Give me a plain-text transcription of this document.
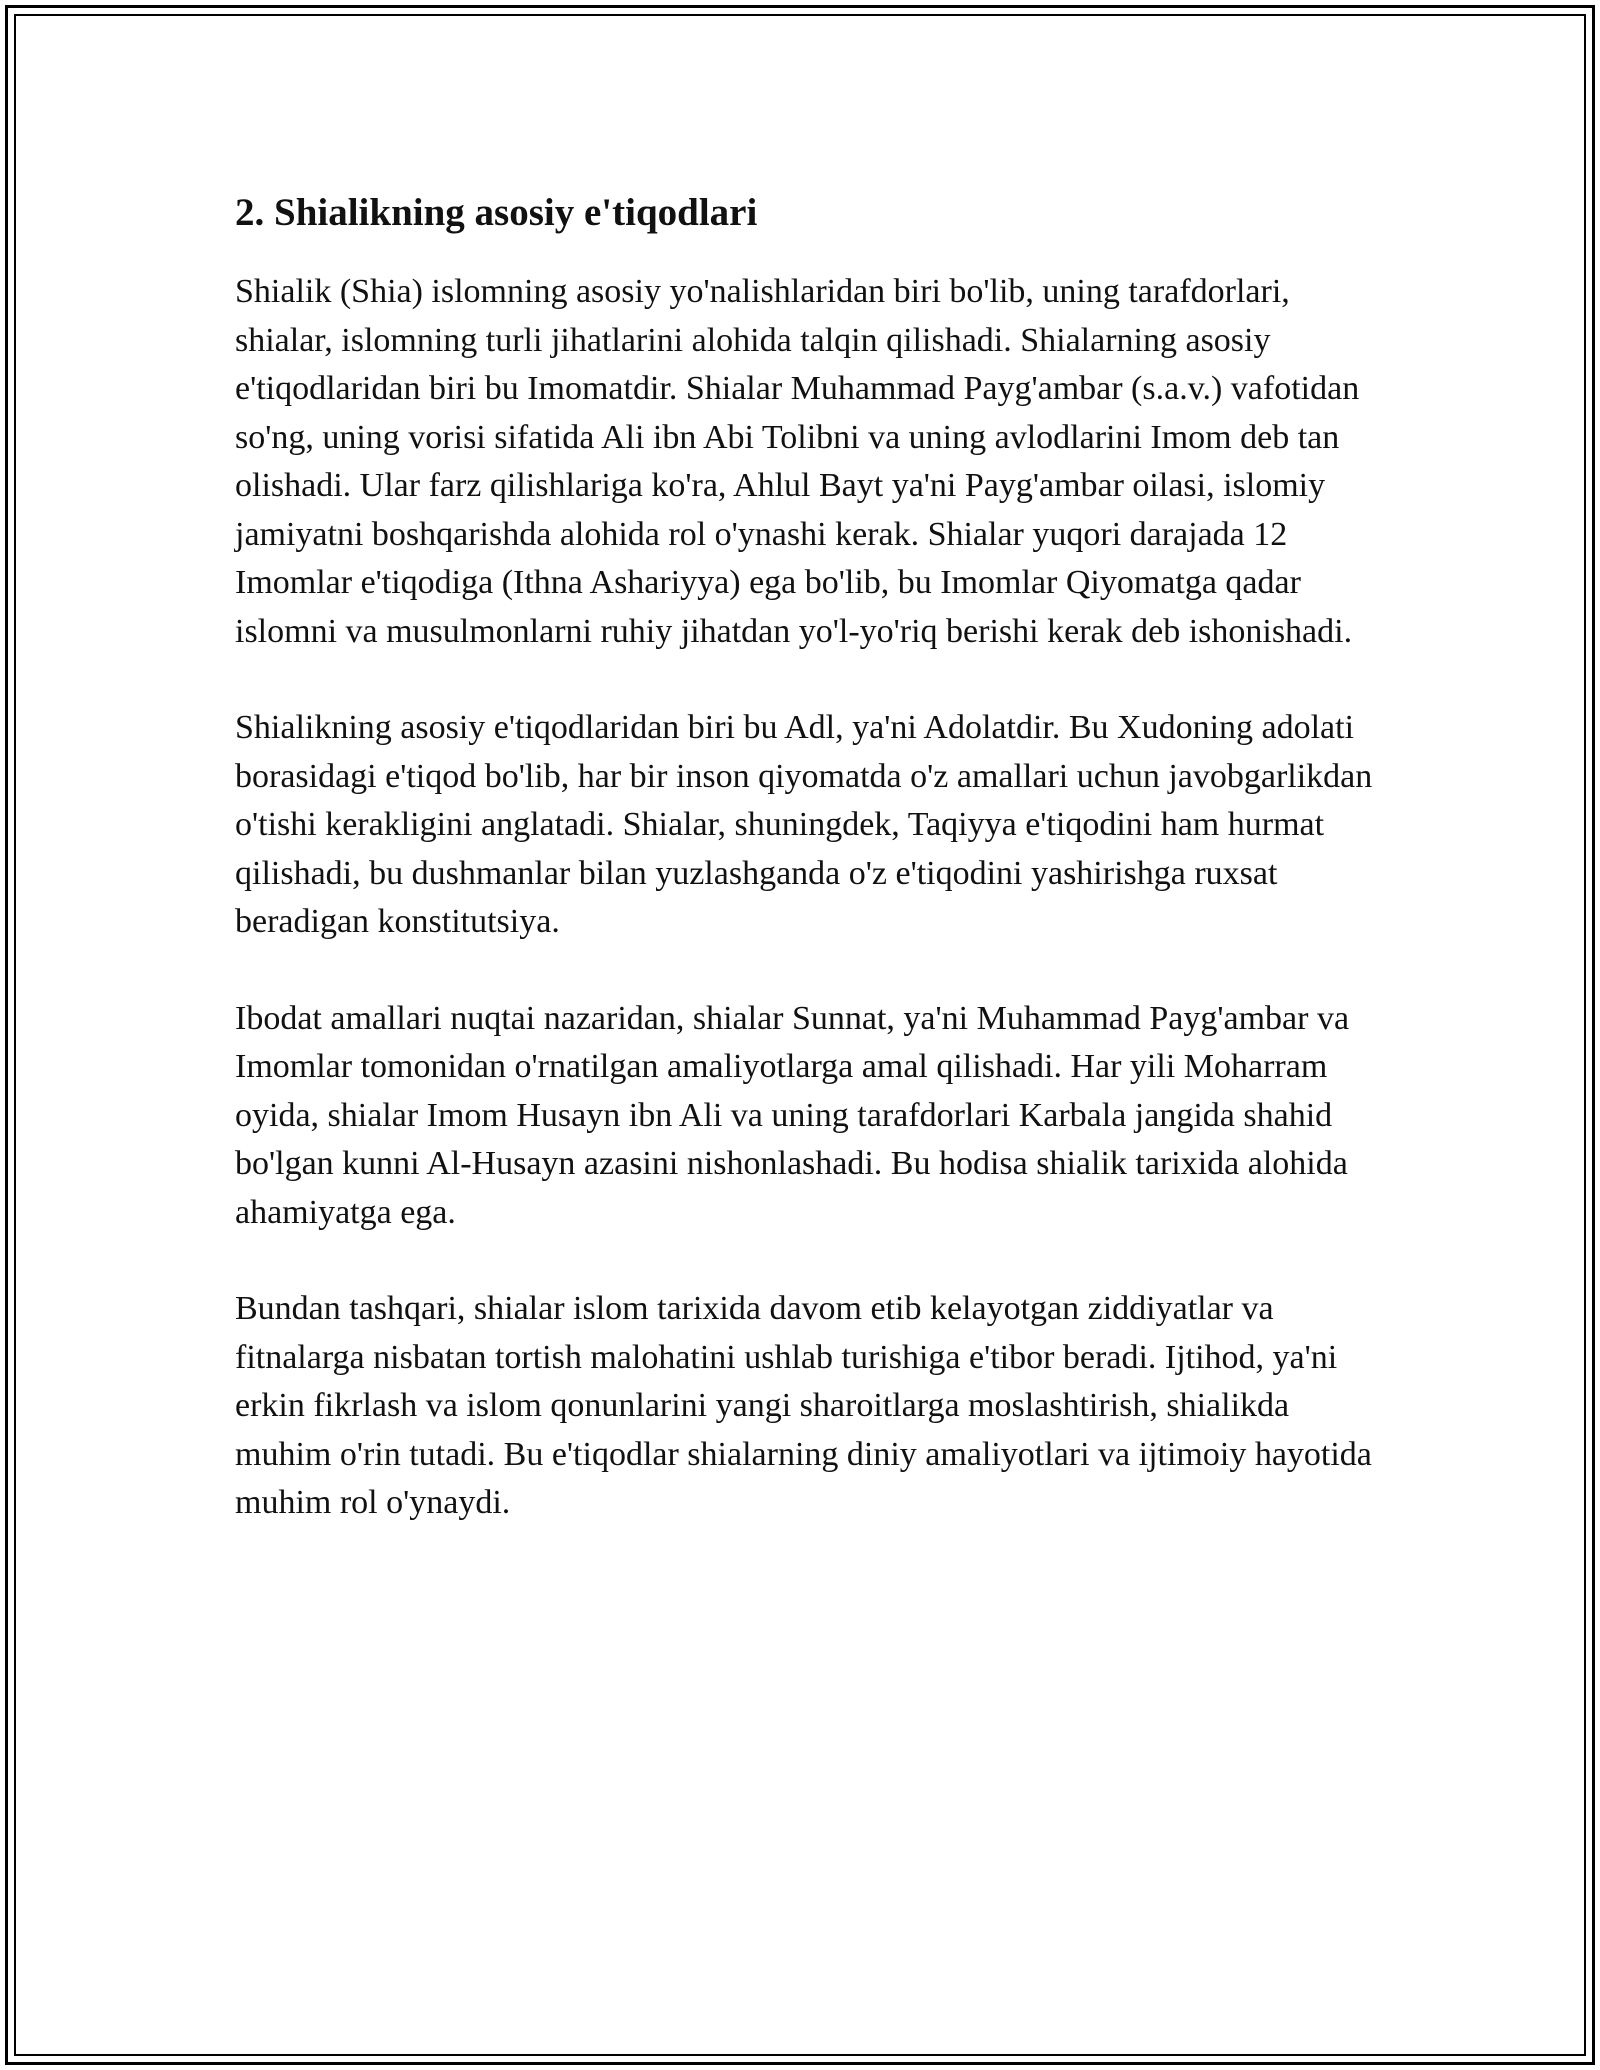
2. Shialikning asosiy e'tiqodlari

Shialik (Shia) islomning asosiy yo'nalishlaridan biri bo'lib, uning tarafdorlari, shialar, islomning turli jihatlarini alohida talqin qilishadi. Shialarning asosiy e'tiqodlaridan biri bu Imomatdir. Shialar Muhammad Payg'ambar (s.a.v.) vafotidan so'ng, uning vorisi sifatida Ali ibn Abi Tolibni va uning avlodlarini Imom deb tan olishadi. Ular farz qilishlariga ko'ra, Ahlul Bayt ya'ni Payg'ambar oilasi, islomiy jamiyatni boshqarishda alohida rol o'ynashi kerak. Shialar yuqori darajada 12 Imomlar e'tiqodiga (Ithna Ashariyya) ega bo'lib, bu Imomlar Qiyomatga qadar islomni va musulmonlarni ruhiy jihatdan yo'l-yo'riq berishi kerak deb ishonishadi.

Shialikning asosiy e'tiqodlaridan biri bu Adl, ya'ni Adolatdir. Bu Xudoning adolati borasidagi e'tiqod bo'lib, har bir inson qiyomatda o'z amallari uchun javobgarlikdan o'tishi kerakligini anglatadi. Shialar, shuningdek, Taqiyya e'tiqodini ham hurmat qilishadi, bu dushmanlar bilan yuzlashganda o'z e'tiqodini yashirishga ruxsat beradigan konstitutsiya.

Ibodat amallari nuqtai nazaridan, shialar Sunnat, ya'ni Muhammad Payg'ambar va Imomlar tomonidan o'rnatilgan amaliyotlarga amal qilishadi. Har yili Moharram oyida, shialar Imom Husayn ibn Ali va uning tarafdorlari Karbala jangida shahid bo'lgan kunni Al-Husayn azasini nishonlashadi. Bu hodisa shialik tarixida alohida ahamiyatga ega.

Bundan tashqari, shialar islom tarixida davom etib kelayotgan ziddiyatlar va fitnalarga nisbatan tortish malohatini ushlab turishiga e'tibor beradi. Ijtihod, ya'ni erkin fikrlash va islom qonunlarini yangi sharoitlarga moslashtirish, shialikda muhim o'rin tutadi. Bu e'tiqodlar shialarning diniy amaliyotlari va ijtimoiy hayotida muhim rol o'ynaydi.
